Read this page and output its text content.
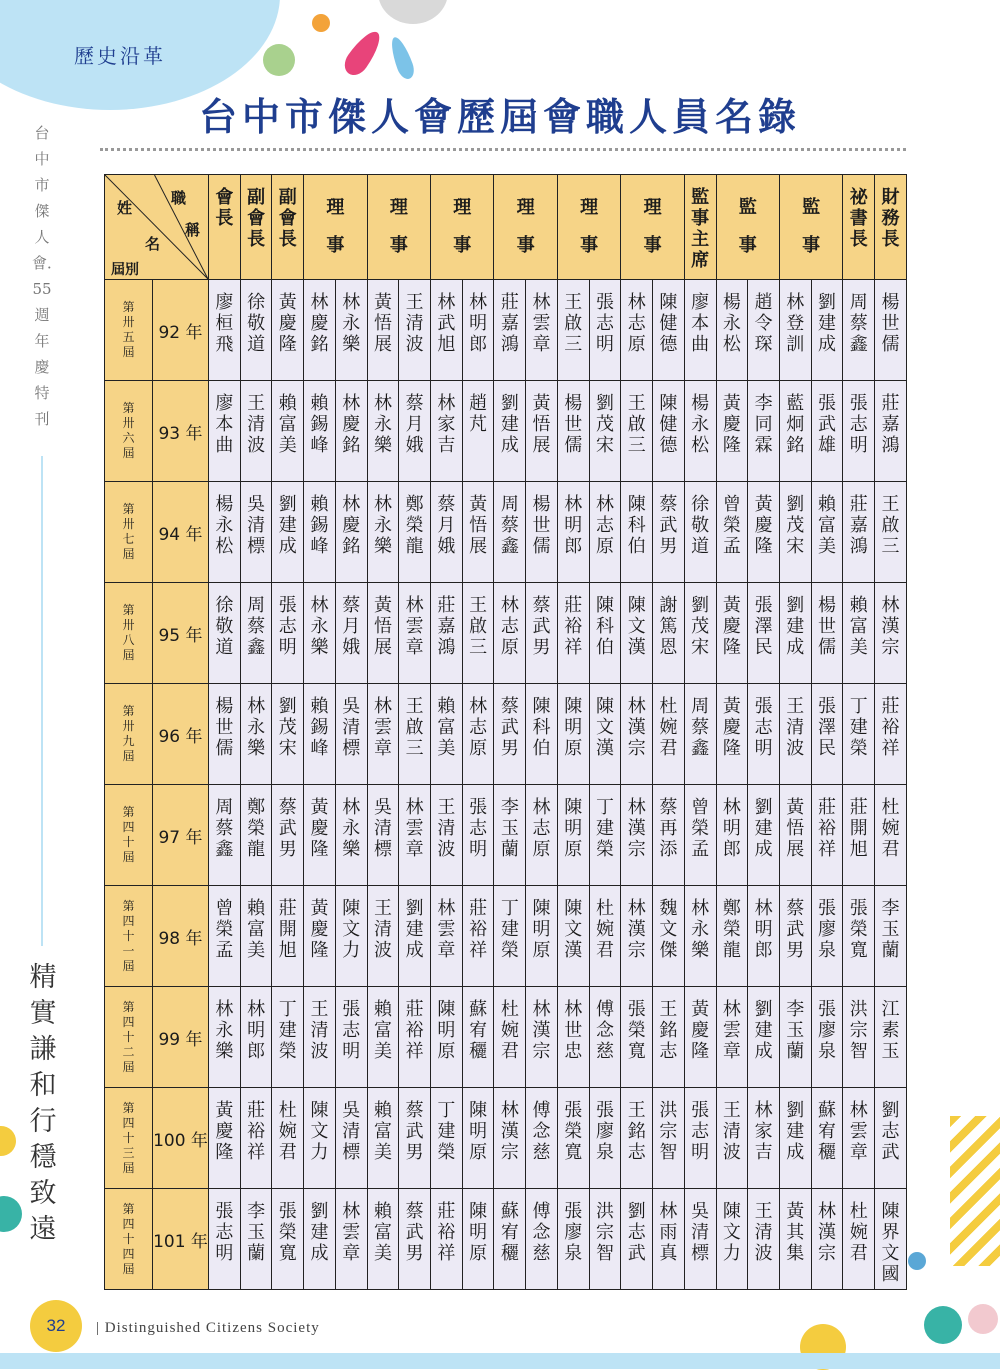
歷史沿革
台中市傑人會．55週年慶特刊
精實謙和 行穩致遠
台中市傑人會歷屆會職人員名錄
姓
名
屆別
職
稱		會長	副會長	副會長	理事		理事		理事		理事		理事		理事		監事主席	監事		監事		祕書長	財務長

第卅五屆	92 年	廖桓飛	徐敬道	黃慶隆	林慶銘	林永樂	黃悟展	王清波	林武旭	林明郎	莊嘉鴻	林雲章	王啟三	張志明	林志原	陳健德	廖本曲	楊永松	趙令琛	林登訓	劉建成	周蔡鑫	楊世儒

第卅六屆	93 年	廖本曲	王清波	賴富美	賴錫峰	林慶銘	林永樂	蔡月娥	林家吉	趙芃	劉建成	黃悟展	楊世儒	劉茂宋	王啟三	陳健德	楊永松	黃慶隆	李同霖	藍炯銘	張武雄	張志明	莊嘉鴻

第卅七屆	94 年	楊永松	吳清標	劉建成	賴錫峰	林慶銘	林永樂	鄭榮龍	蔡月娥	黃悟展	周蔡鑫	楊世儒	林明郎	林志原	陳科伯	蔡武男	徐敬道	曾榮孟	黃慶隆	劉茂宋	賴富美	莊嘉鴻	王啟三

第卅八屆	95 年	徐敬道	周蔡鑫	張志明	林永樂	蔡月娥	黃悟展	林雲章	莊嘉鴻	王啟三	林志原	蔡武男	莊裕祥	陳科伯	陳文漢	謝篤恩	劉茂宋	黃慶隆	張澤民	劉建成	楊世儒	賴富美	林漢宗

第卅九屆	96 年	楊世儒	林永樂	劉茂宋	賴錫峰	吳清標	林雲章	王啟三	賴富美	林志原	蔡武男	陳科伯	陳明原	陳文漢	林漢宗	杜婉君	周蔡鑫	黃慶隆	張志明	王清波	張澤民	丁建榮	莊裕祥

第四十屆	97 年	周蔡鑫	鄭榮龍	蔡武男	黃慶隆	林永樂	吳清標	林雲章	王清波	張志明	李玉蘭	林志原	陳明原	丁建榮	林漢宗	蔡再添	曾榮孟	林明郎	劉建成	黃悟展	莊裕祥	莊開旭	杜婉君

第四十一屆	98 年	曾榮孟	賴富美	莊開旭	黃慶隆	陳文力	王清波	劉建成	林雲章	莊裕祥	丁建榮	陳明原	陳文漢	杜婉君	林漢宗	魏文傑	林永樂	鄭榮龍	林明郎	蔡武男	張廖泉	張榮寬	李玉蘭

第四十二屆	99 年	林永樂	林明郎	丁建榮	王清波	張志明	賴富美	莊裕祥	陳明原	蘇宥穲	杜婉君	林漢宗	林世忠	傅念慈	張榮寬	王銘志	黃慶隆	林雲章	劉建成	李玉蘭	張廖泉	洪宗智	江素玉

第四十三屆	100 年	黃慶隆	莊裕祥	杜婉君	陳文力	吳清標	賴富美	蔡武男	丁建榮	陳明原	林漢宗	傅念慈	張榮寬	張廖泉	王銘志	洪宗智	張志明	王清波	林家吉	劉建成	蘇宥穲	林雲章	劉志武

第四十四屆	101 年	張志明	李玉蘭	張榮寬	劉建成	林雲章	賴富美	蔡武男	莊裕祥	陳明原	蘇宥穲	傅念慈	張廖泉	洪宗智	劉志武	林雨真	吳清標	陳文力	王清波	黃其集	林漢宗	杜婉君	陳界文國
32	| Distinguished Citizens Society
